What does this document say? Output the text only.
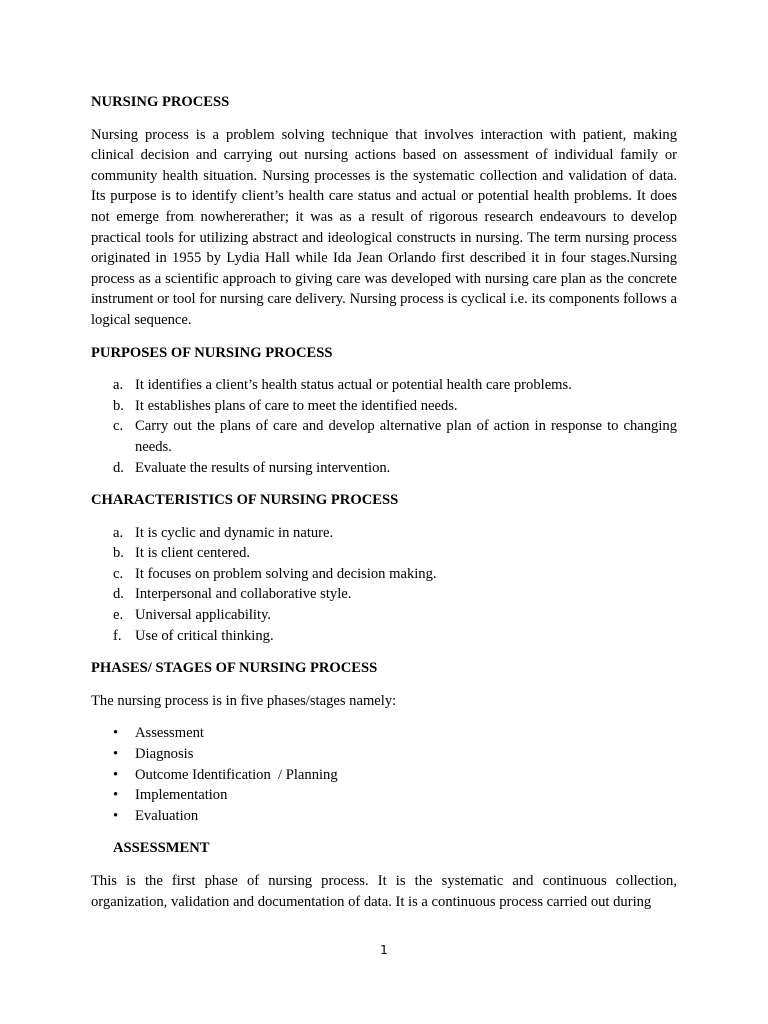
NURSING PROCESS

Nursing process is a problem solving technique that involves interaction with patient, making clinical decision and carrying out nursing actions based on assessment of individual family or community health situation. Nursing processes is the systematic collection and validation of data. Its purpose is to identify client’s health care status and actual or potential health problems. It does not emerge from nowhererather; it was as a result of rigorous research endeavours to develop practical tools for utilizing abstract and ideological constructs in nursing. The term nursing process originated in 1955 by Lydia Hall while Ida Jean Orlando first described it in four stages.Nursing process as a scientific approach to giving care was developed with nursing care plan as the concrete instrument or tool for nursing care delivery. Nursing process is cyclical i.e. its components follows a logical sequence.

PURPOSES OF NURSING PROCESS
a. It identifies a client’s health status actual or potential health care problems.
b. It establishes plans of care to meet the identified needs.
c. Carry out the plans of care and develop alternative plan of action in response to changing needs.
d. Evaluate the results of nursing intervention.
CHARACTERISTICS OF NURSING PROCESS
a. It is cyclic and dynamic in nature.
b. It is client centered.
c. It focuses on problem solving and decision making.
d. Interpersonal and collaborative style.
e. Universal applicability.
f. Use of critical thinking.
PHASES/ STAGES OF NURSING PROCESS

The nursing process is in five phases/stages namely:

• Assessment
• Diagnosis
• Outcome Identification  / Planning
• Implementation
• Evaluation
ASSESSMENT

This is the first phase of nursing process. It is the systematic and continuous collection, organization, validation and documentation of data. It is a continuous process carried out during

1
